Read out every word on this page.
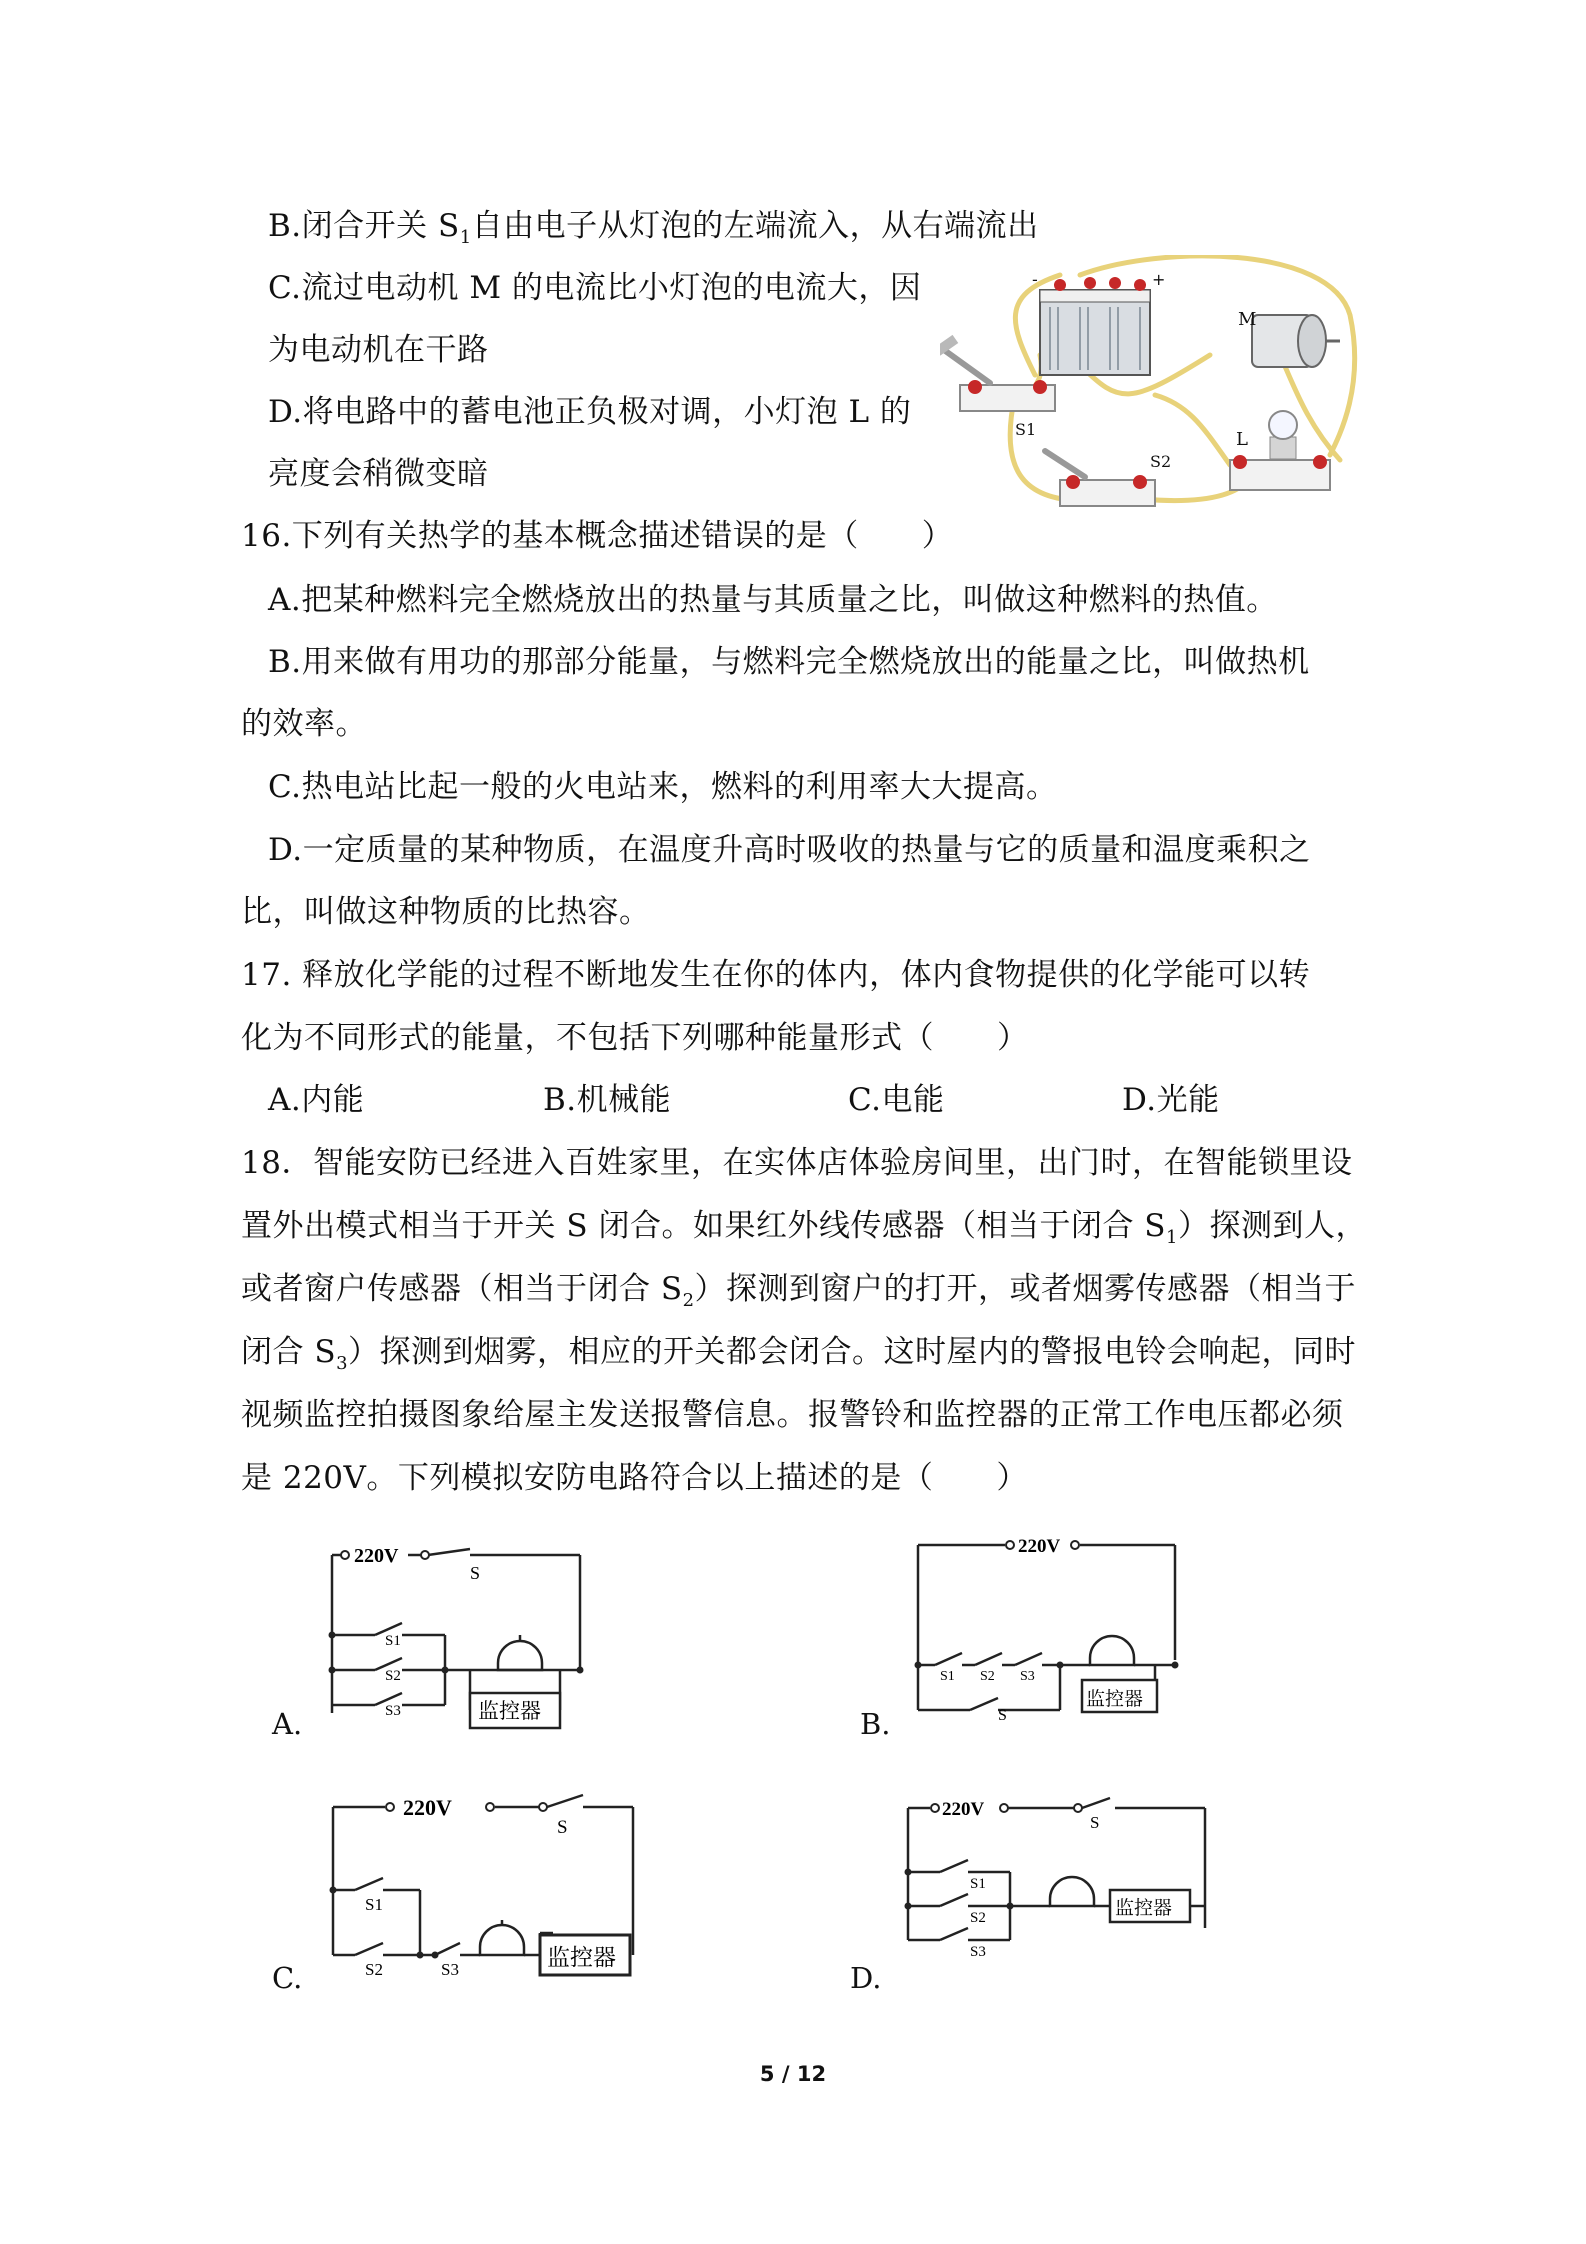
B.闭合开关 $S_1$自由电子从灯泡的左端流入，从右端流出
C.流过电动机 M 的电流比小灯泡的电流大，因
为电动机在干路
D.将电路中的蓄电池正负极对调，小灯泡 L 的
亮度会稍微变暗
-	+
M
S1
S2
L
16.下列有关热学的基本概念描述错误的是（　　）
A.把某种燃料完全燃烧放出的热量与其质量之比，叫做这种燃料的热值。
B.用来做有用功的那部分能量，与燃料完全燃烧放出的能量之比，叫做热机
的效率。
C.热电站比起一般的火电站来，燃料的利用率大大提高。
D.一定质量的某种物质，在温度升高时吸收的热量与它的质量和温度乘积之
比，叫做这种物质的比热容。
17. 释放化学能的过程不断地发生在你的体内，体内食物提供的化学能可以转
化为不同形式的能量，不包括下列哪种能量形式（　　）
A.内能	B.机械能	C.电能	D.光能
18．智能安防已经进入百姓家里，在实体店体验房间里，出门时，在智能锁里设
置外出模式相当于开关 S 闭合。如果红外线传感器（相当于闭合 $S_1$）探测到人，
或者窗户传感器（相当于闭合 $S_2$）探测到窗户的打开，或者烟雾传感器（相当于
闭合 $S_3$）探测到烟雾，相应的开关都会闭合。这时屋内的警报电铃会响起，同时
视频监控拍摄图象给屋主发送报警信息。报警铃和监控器的正常工作电压都必须
是 220V。下列模拟安防电路符合以上描述的是（　　）
A.
220V
S
S1
S2
S3	监控器	B.
220V
S1 S2 S3
S
监控器
C.
220V
S
S1
S2	S3	监控器
D.
220V
S
S1
S2
S3
监控器
5 / 12
